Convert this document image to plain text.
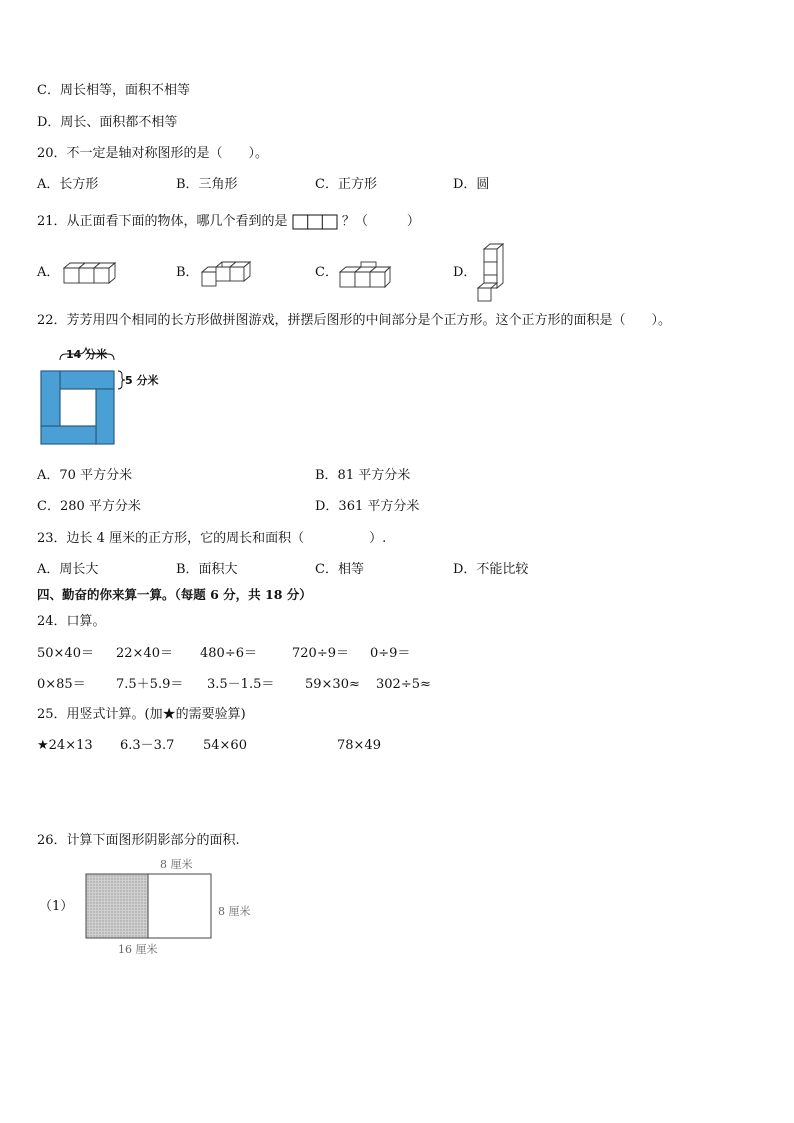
C．周长相等，面积不相等
D．周长、面积都不相等
20．不一定是轴对称图形的是（　　）。
A．长方形	B．三角形	C．正方形	D．圆
21．从正面看下面的物体，哪几个看到的是	？（　　　）
A．	B．	C．	D．
22．芳芳用四个相同的长方形做拼图游戏，拼摆后图形的中间部分是个正方形。这个正方形的面积是（　　）。
14 分米
5 分米
A．70 平方分米	B．81 平方分米
C．280 平方分米	D．361 平方分米
23．边长 4 厘米的正方形，它的周长和面积（　　　　　）.
A．周长大	B．面积大	C．相等	D．不能比较
四、勤奋的你来算一算。（每题 6 分，共 18 分）
24．口算。
50×40＝ 22×40＝ 480÷6＝	720÷9＝ 0÷9＝
0×85＝ 7.5＋5.9＝ 3.5－1.5＝ 59×30≈ 302÷5≈
25．用竖式计算。(加★的需要验算)
★24×13 6.3－3.7 54×60	78×49
26．计算下面图形阴影部分的面积.
（1）
8 厘米
8 厘米
16 厘米
